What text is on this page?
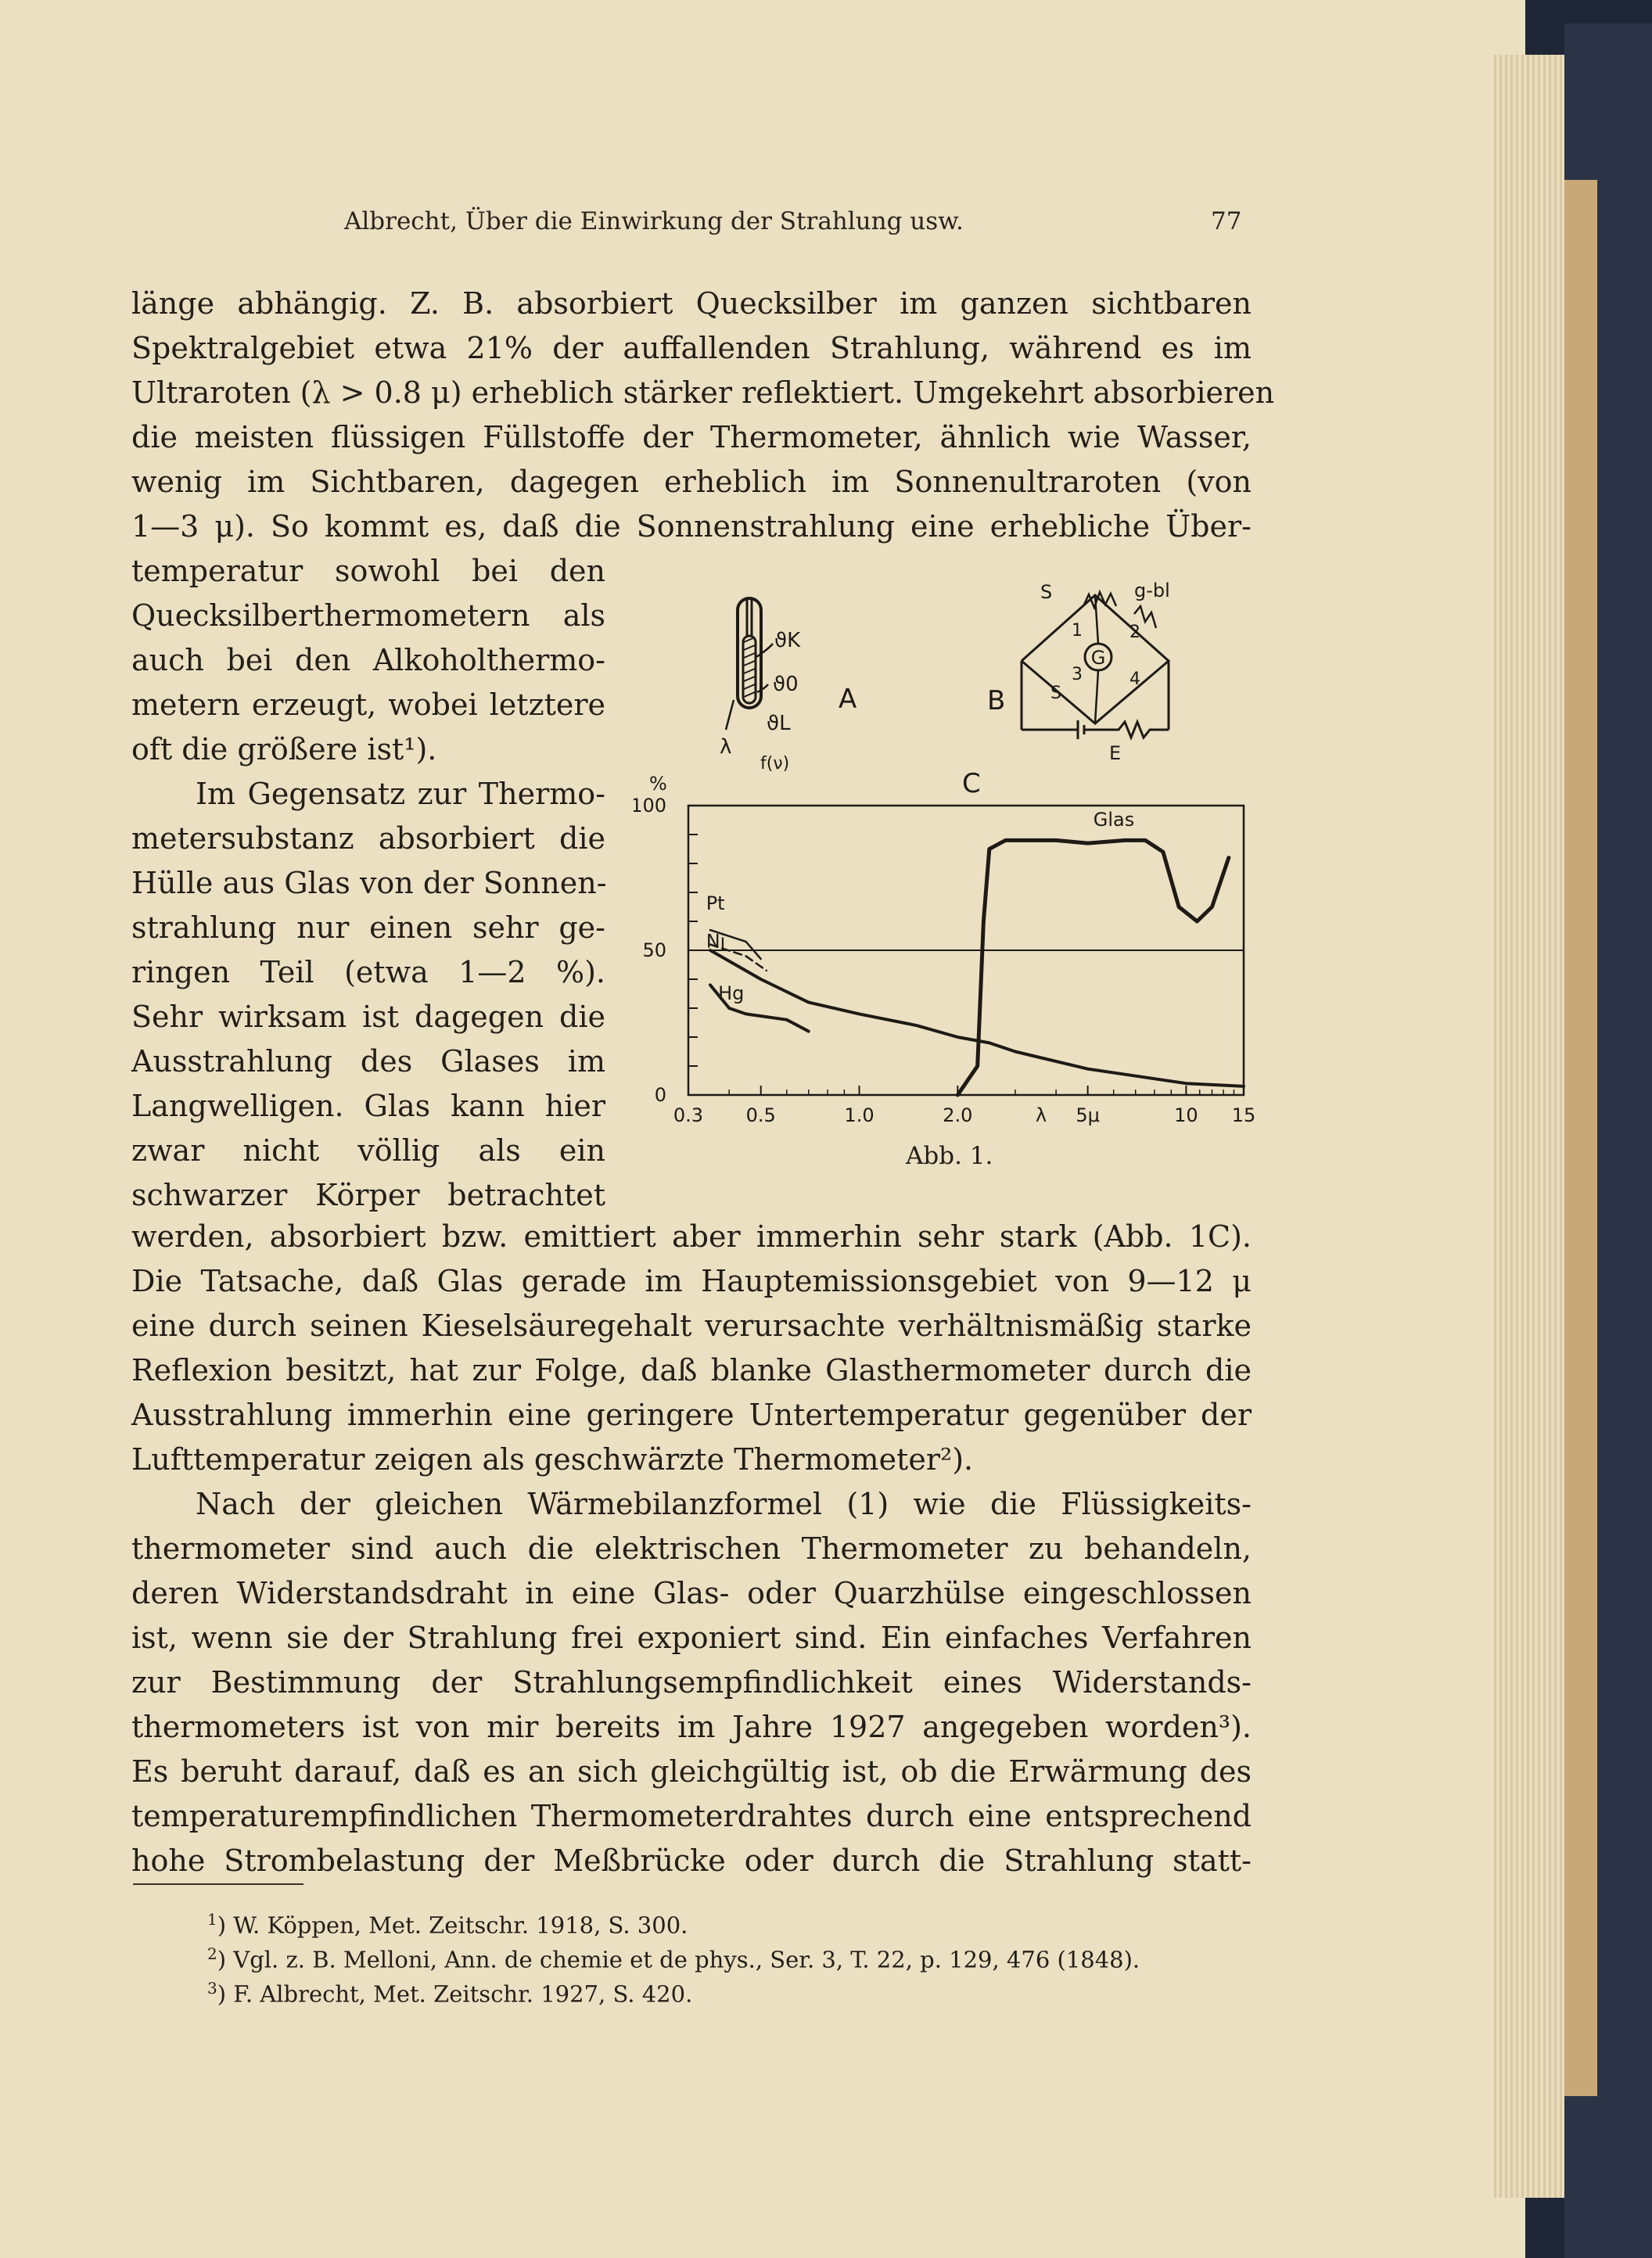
Albrecht, Über die Einwirkung der Strahlung usw.	77
länge abhängig. Z. B. absorbiert Quecksilber im ganzen sichtbaren
Spektralgebiet etwa 21% der auffallenden Strahlung, während es im
Ultraroten (λ > 0.8 μ) erheblich stärker reflektiert. Umgekehrt absorbieren
die meisten flüssigen Füllstoffe der Thermometer, ähnlich wie Wasser,
wenig im Sichtbaren, dagegen erheblich im Sonnenultraroten (von
1—3 μ). So kommt es, daß die Sonnenstrahlung eine erhebliche Über-
temperatur sowohl bei den
Quecksilberthermometern als
auch bei den Alkoholthermo-
metern erzeugt, wobei letztere
oft die größere ist¹).
Im Gegensatz zur Thermo-
metersubstanz absorbiert die
Hülle aus Glas von der Sonnen-
strahlung nur einen sehr ge-
ringen Teil (etwa 1—2 %).
Sehr wirksam ist dagegen die
Ausstrahlung des Glases im
Langwelligen. Glas kann hier
zwar nicht völlig als ein
schwarzer Körper betrachtet
werden, absorbiert bzw. emittiert aber immerhin sehr stark (Abb. 1C).
Die Tatsache, daß Glas gerade im Hauptemissionsgebiet von 9—12 μ
eine durch seinen Kieselsäuregehalt verursachte verhältnismäßig starke
Reflexion besitzt, hat zur Folge, daß blanke Glasthermometer durch die
Ausstrahlung immerhin eine geringere Untertemperatur gegenüber der
Lufttemperatur zeigen als geschwärzte Thermometer²).
Nach der gleichen Wärmebilanzformel (1) wie die Flüssigkeits-
thermometer sind auch die elektrischen Thermometer zu behandeln,
deren Widerstandsdraht in eine Glas- oder Quarzhülse eingeschlossen
ist, wenn sie der Strahlung frei exponiert sind. Ein einfaches Verfahren
zur Bestimmung der Strahlungsempfindlichkeit eines Widerstands-
thermometers ist von mir bereits im Jahre 1927 angegeben worden³).
Es beruht darauf, daß es an sich gleichgültig ist, ob die Erwärmung des
temperaturempfindlichen Thermometerdrahtes durch eine entsprechend
hohe Strombelastung der Meßbrücke oder durch die Strahlung statt-
$^1$) W. Köppen, Met. Zeitschr. 1918, S. 300.
$^2$) Vgl. z. B. Melloni, Ann. de chemie et de phys., Ser. 3, T. 22, p. 129, 476 (1848).
$^3$) F. Albrecht, Met. Zeitschr. 1927, S. 420.
λ
ϑK
ϑ0
ϑL
f(ν)
A	B
G
S	g-bl
1	2
3	4
S
E
C
%
0
50
100
0.3 0.5	1.0	2.0	5μ	10 15
λ
Glas
Pt
Ni
Hg
Abb. 1.
